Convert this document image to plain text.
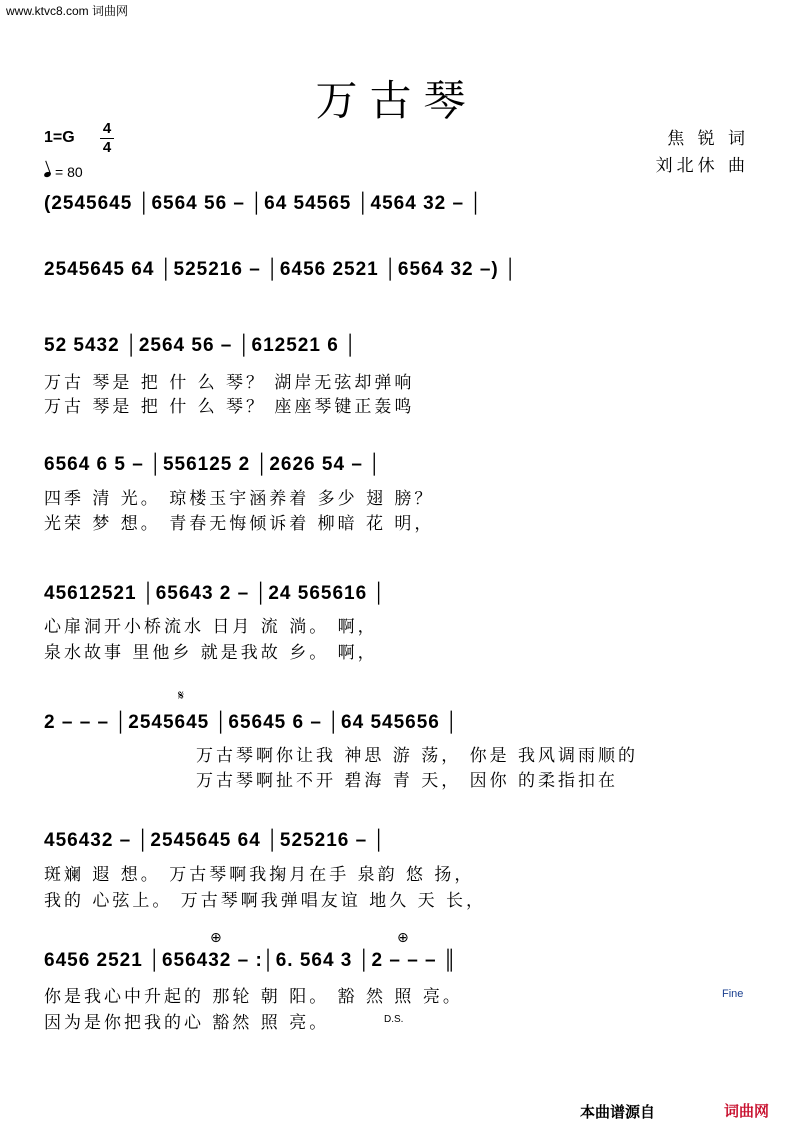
www.ktvc8.com 词曲网
万古琴
1=G
4
4
= 80
焦 锐 词
刘北休 曲
(2545645 │6564 56 – │64 54565 │4564 32 – │
2545645 64 │525216 – │6456 2521 │6564 32 –) │
52 5432 │2564 56 – │612521 6 │
6564 6 5 – │556125 2 │2626 54 – │
45612521 │65643 2 – │24 565616 │
2 – – – │2545645 │65645 6 – │64 545656 │
456432 – │2545645 64 │525216 – │
6456 2521 │656432 – :│6. 564 3 │2 – – – ║
万古 琴是 把 什 么 琴？ 湖岸无弦却弹响
万古 琴是 把 什 么 琴？ 座座琴键正轰鸣
四季 清 光。 琼楼玉宇涵养着 多少 翅 膀？
光荣 梦 想。 青春无悔倾诉着 柳暗 花 明，
心扉洞开小桥流水 日月 流 淌。 啊，
泉水故事 里他乡 就是我故 乡。 啊，
万古琴啊你让我 神思 游 荡， 你是 我风调雨顺的
万古琴啊扯不开 碧海 青 天， 因你 的柔指扣在
斑斓 遐 想。 万古琴啊我掬月在手 泉韵 悠 扬，
我的 心弦上。 万古琴啊我弹唱友谊 地久 天 长，
你是我心中升起的 那轮 朝 阳。 豁 然 照 亮。
因为是你把我的心 豁然 照 亮。
𝄋
⊕	⊕
D.S.
Fine
本曲谱源自	词曲网
